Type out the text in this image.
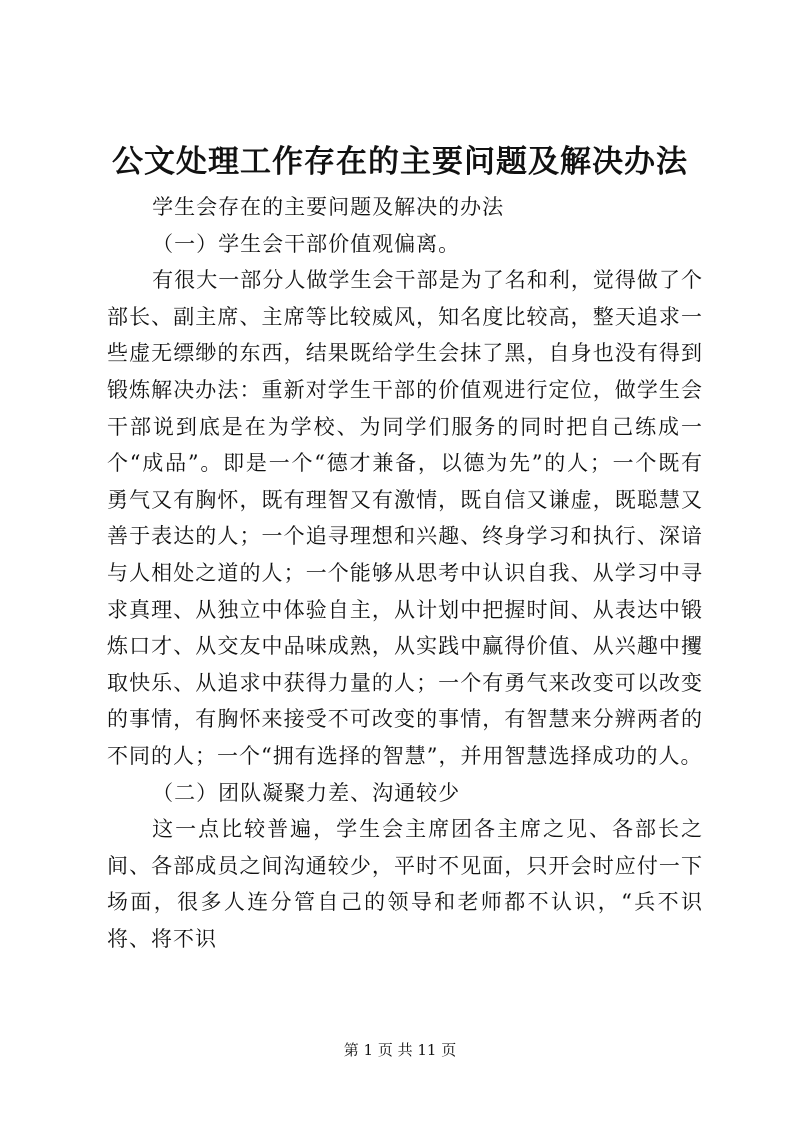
公文处理工作存在的主要问题及解决办法

学生会存在的主要问题及解决的办法

（一）学生会干部价值观偏离。

有很大一部分人做学生会干部是为了名和利，觉得做了个部长、副主席、主席等比较威风，知名度比较高，整天追求一些虚无缥缈的东西，结果既给学生会抹了黑，自身也没有得到锻炼解决办法：重新对学生干部的价值观进行定位，做学生会干部说到底是在为学校、为同学们服务的同时把自己练成一个“成品”。即是一个“德才兼备，以德为先”的人；一个既有勇气又有胸怀，既有理智又有激情，既自信又谦虚，既聪慧又善于表达的人；一个追寻理想和兴趣、终身学习和执行、深谙与人相处之道的人；一个能够从思考中认识自我、从学习中寻求真理、从独立中体验自主，从计划中把握时间、从表达中锻炼口才、从交友中品味成熟，从实践中赢得价值、从兴趣中攫取快乐、从追求中获得力量的人；一个有勇气来改变可以改变的事情，有胸怀来接受不可改变的事情，有智慧来分辨两者的不同的人；一个“拥有选择的智慧”，并用智慧选择成功的人。

（二）团队凝聚力差、沟通较少

这一点比较普遍，学生会主席团各主席之见、各部长之间、各部成员之间沟通较少，平时不见面，只开会时应付一下场面，很多人连分管自己的领导和老师都不认识，“兵不识将、将不识

第 1 页 共 11 页
